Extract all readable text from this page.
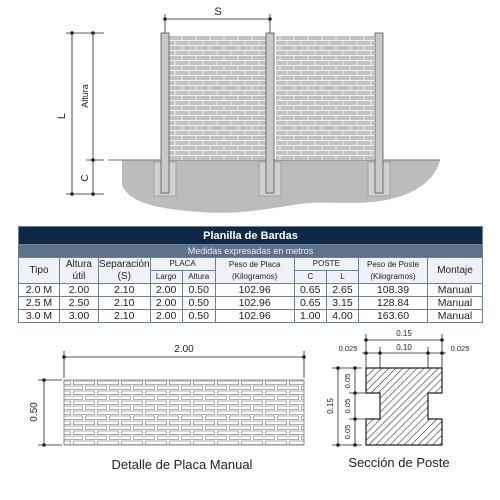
S
L
Altura
C
2.00
0.50
Detalle de Placa Manual
0.15
0.10
0.025	0.025
0.15
0.05
0.05
0.05
Sección de Poste
Planilla de Bardas									
Medidas expresadas en metros									
Tipo	Altura útil	Separación (S)	PLACA		Peso de Placa (Kilogramos)	POSTE		Peso de Poste (Kilogramos)	Montaje
			Largo	Altura		C	L		
2.0 M	2.00	2.10	2.00	0.50	102.96	0.65	2.65	108.39	Manual
2.5 M	2.50	2.10	2.00	0.50	102.96	0.65	3.15	128.84	Manual
3.0 M	3.00	2.10	2.00	0.50	102.96	1.00	4.00	163.60	Manual
